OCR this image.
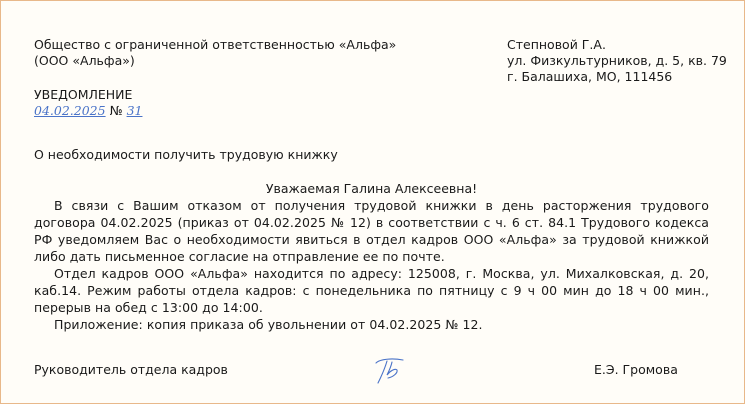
Общество с ограниченной ответственностью «Альфа»
(ООО «Альфа»)
Степновой Г.А.
ул. Физкультурников, д. 5, кв. 79
г. Балашиха, МО, 111456
УВЕДОМЛЕНИЕ
04.02.2025 № 31
О необходимости получить трудовую книжку
Уважаемая Галина Алексеевна!

В связи с Вашим отказом от получения трудовой книжки в день расторжения трудового договора 04.02.2025 (приказ от 04.02.2025 № 12) в соответствии с ч. 6 ст. 84.1 Трудового кодекса РФ уведомляем Вас о необходимости явиться в отдел кадров ООО «Альфа» за трудовой книжкой либо дать письменное согласие на отправление ее по почте.

Отдел кадров ООО «Альфа» находится по адресу: 125008, г. Москва, ул. Михалковская, д. 20, каб.14. Режим работы отдела кадров: с понедельника по пятницу с 9 ч 00 мин до 18 ч 00 мин., перерыв на обед с 13:00 до 14:00.

Приложение: копия приказа об увольнении от 04.02.2025 № 12.

Руководитель отдела кадров	Е.Э. Громова
